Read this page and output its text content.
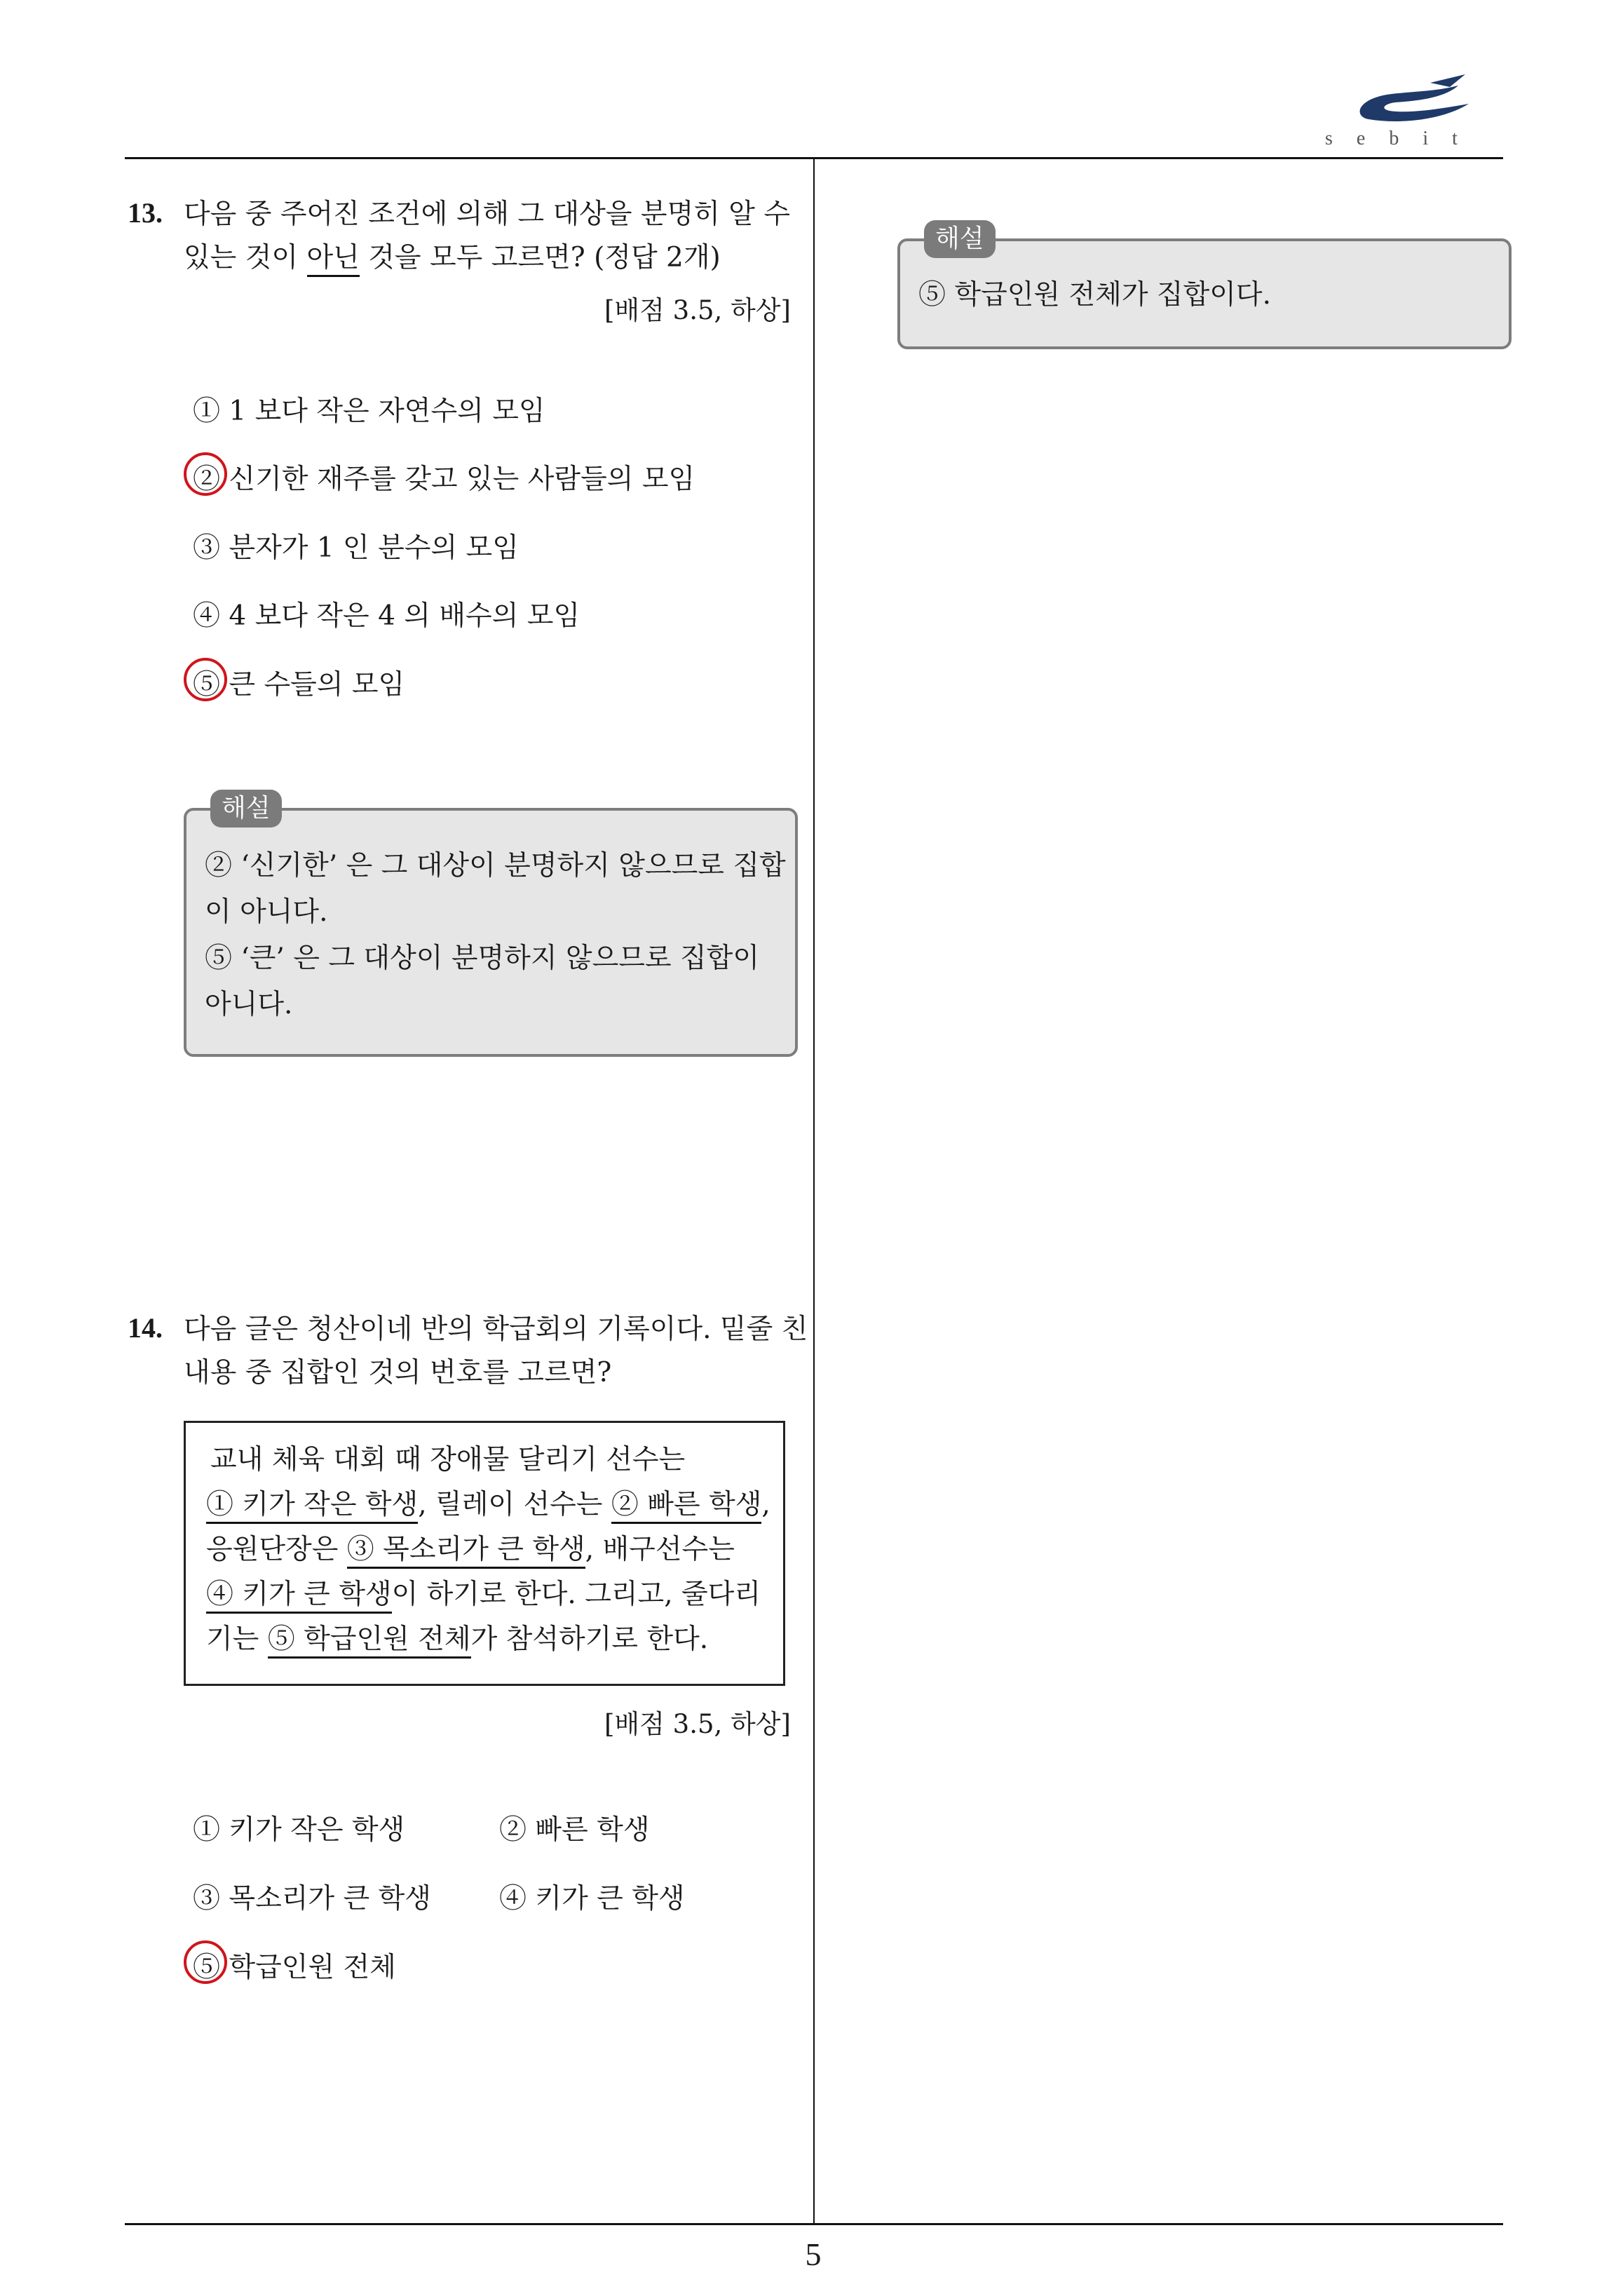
sebit
13. 다음 중 주어진 조건에 의해 그 대상을 분명히 알 수
있는 것이 아닌 것을 모두 고르면? (정답 2개)
[배점 3.5, 하상]
① 1 보다 작은 자연수의 모임
② 신기한 재주를 갖고 있는 사람들의 모임
③ 분자가 1 인 분수의 모임
④ 4 보다 작은 4 의 배수의 모임
⑤ 큰 수들의 모임
해설
② ‘신기한’ 은 그 대상이 분명하지 않으므로 집합
이 아니다.
⑤ ‘큰’ 은 그 대상이 분명하지 않으므로 집합이
아니다.
14. 다음 글은 청산이네 반의 학급회의 기록이다. 밑줄 친
내용 중 집합인 것의 번호를 고르면?
교내 체육 대회 때 장애물 달리기 선수는
① 키가 작은 학생, 릴레이 선수는 ② 빠른 학생,
응원단장은 ③ 목소리가 큰 학생, 배구선수는
④ 키가 큰 학생이 하기로 한다. 그리고, 줄다리
기는 ⑤ 학급인원 전체가 참석하기로 한다.
[배점 3.5, 하상]
① 키가 작은 학생	② 빠른 학생
③ 목소리가 큰 학생 ④ 키가 큰 학생
⑤ 학급인원 전체
해설
⑤ 학급인원 전체가 집합이다.
5
